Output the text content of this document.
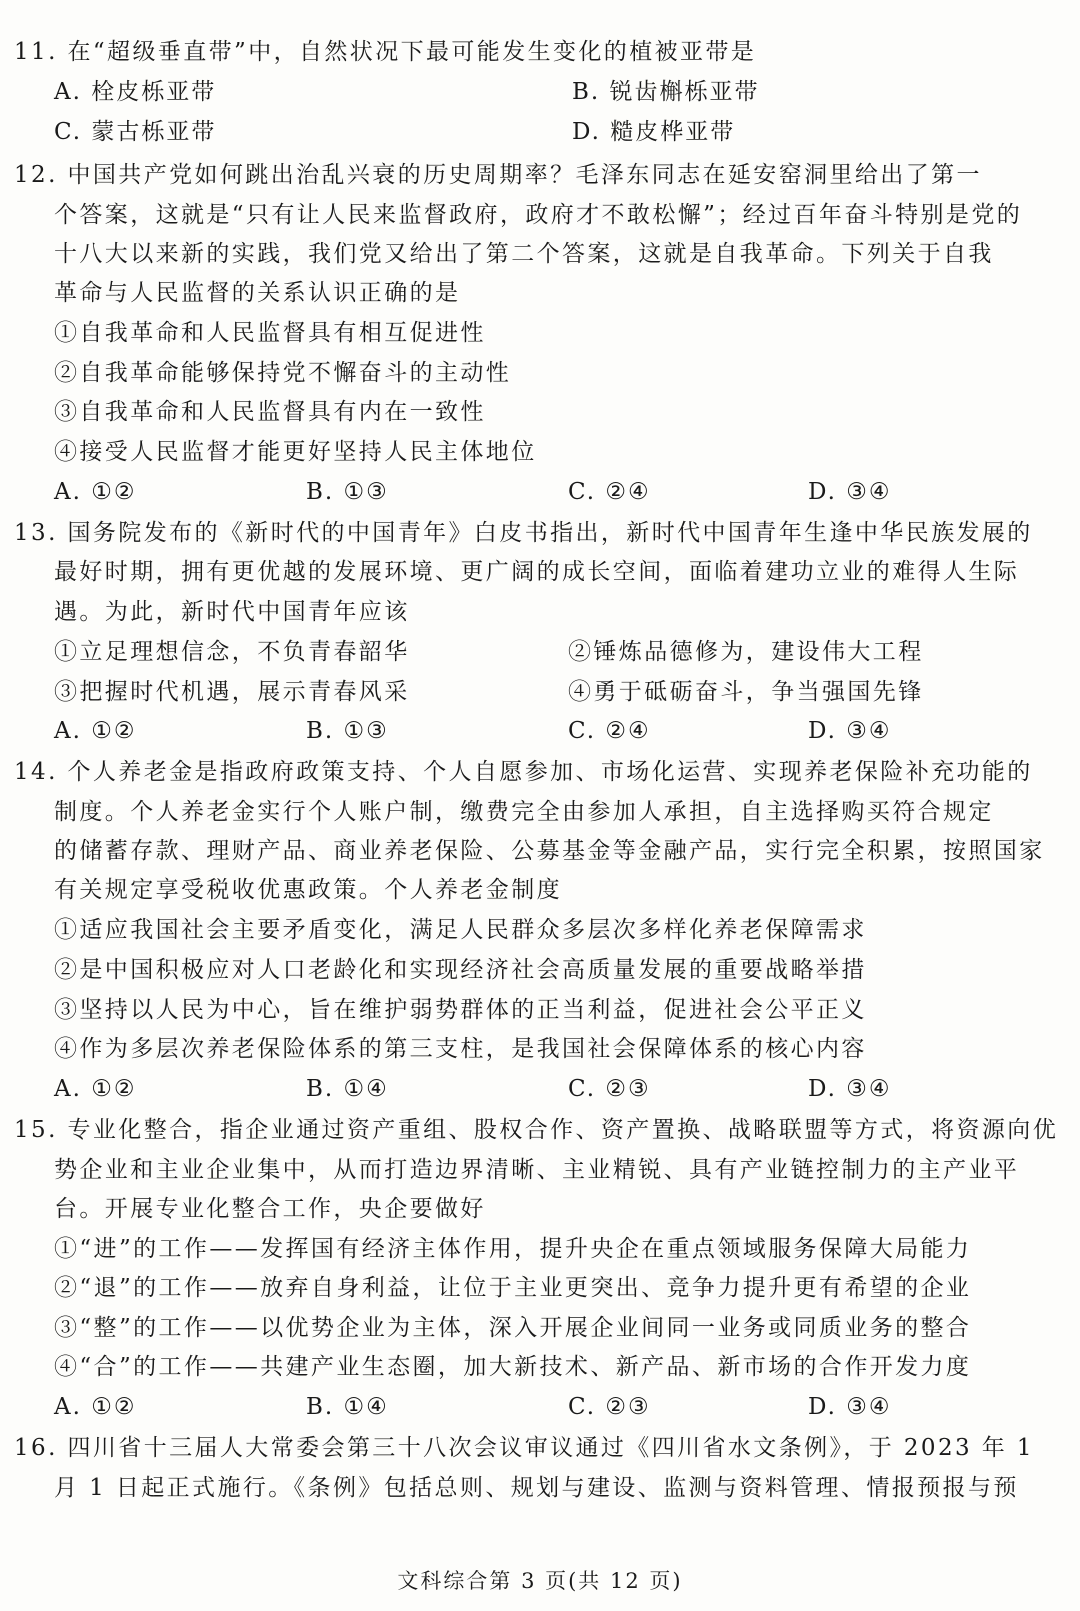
11. 在“超级垂直带”中，自然状况下最可能发生变化的植被亚带是
A. 栓皮栎亚带	B. 锐齿槲栎亚带
C. 蒙古栎亚带	D. 糙皮桦亚带
12. 中国共产党如何跳出治乱兴衰的历史周期率？毛泽东同志在延安窑洞里给出了第一
个答案，这就是“只有让人民来监督政府，政府才不敢松懈”；经过百年奋斗特别是党的
十八大以来新的实践，我们党又给出了第二个答案，这就是自我革命。下列关于自我
革命与人民监督的关系认识正确的是
①自我革命和人民监督具有相互促进性
②自我革命能够保持党不懈奋斗的主动性
③自我革命和人民监督具有内在一致性
④接受人民监督才能更好坚持人民主体地位
A. ①②	B. ①③	C. ②④	D. ③④
13. 国务院发布的《新时代的中国青年》白皮书指出，新时代中国青年生逢中华民族发展的
最好时期，拥有更优越的发展环境、更广阔的成长空间，面临着建功立业的难得人生际
遇。为此，新时代中国青年应该
①立足理想信念，不负青春韶华	②锤炼品德修为，建设伟大工程
③把握时代机遇，展示青春风采	④勇于砥砺奋斗，争当强国先锋
A. ①②	B. ①③	C. ②④	D. ③④
14. 个人养老金是指政府政策支持、个人自愿参加、市场化运营、实现养老保险补充功能的
制度。个人养老金实行个人账户制，缴费完全由参加人承担，自主选择购买符合规定
的储蓄存款、理财产品、商业养老保险、公募基金等金融产品，实行完全积累，按照国家
有关规定享受税收优惠政策。个人养老金制度
①适应我国社会主要矛盾变化，满足人民群众多层次多样化养老保障需求
②是中国积极应对人口老龄化和实现经济社会高质量发展的重要战略举措
③坚持以人民为中心，旨在维护弱势群体的正当利益，促进社会公平正义
④作为多层次养老保险体系的第三支柱，是我国社会保障体系的核心内容
A. ①②	B. ①④	C. ②③	D. ③④
15. 专业化整合，指企业通过资产重组、股权合作、资产置换、战略联盟等方式，将资源向优
势企业和主业企业集中，从而打造边界清晰、主业精锐、具有产业链控制力的主产业平
台。开展专业化整合工作，央企要做好
①“进”的工作——发挥国有经济主体作用，提升央企在重点领域服务保障大局能力
②“退”的工作——放弃自身利益，让位于主业更突出、竞争力提升更有希望的企业
③“整”的工作——以优势企业为主体，深入开展企业间同一业务或同质业务的整合
④“合”的工作——共建产业生态圈，加大新技术、新产品、新市场的合作开发力度
A. ①②	B. ①④	C. ②③	D. ③④
16. 四川省十三届人大常委会第三十八次会议审议通过《四川省水文条例》，于 2023 年 1
月 1 日起正式施行。《条例》包括总则、规划与建设、监测与资料管理、情报预报与预
文科综合第 3 页(共 12 页)
